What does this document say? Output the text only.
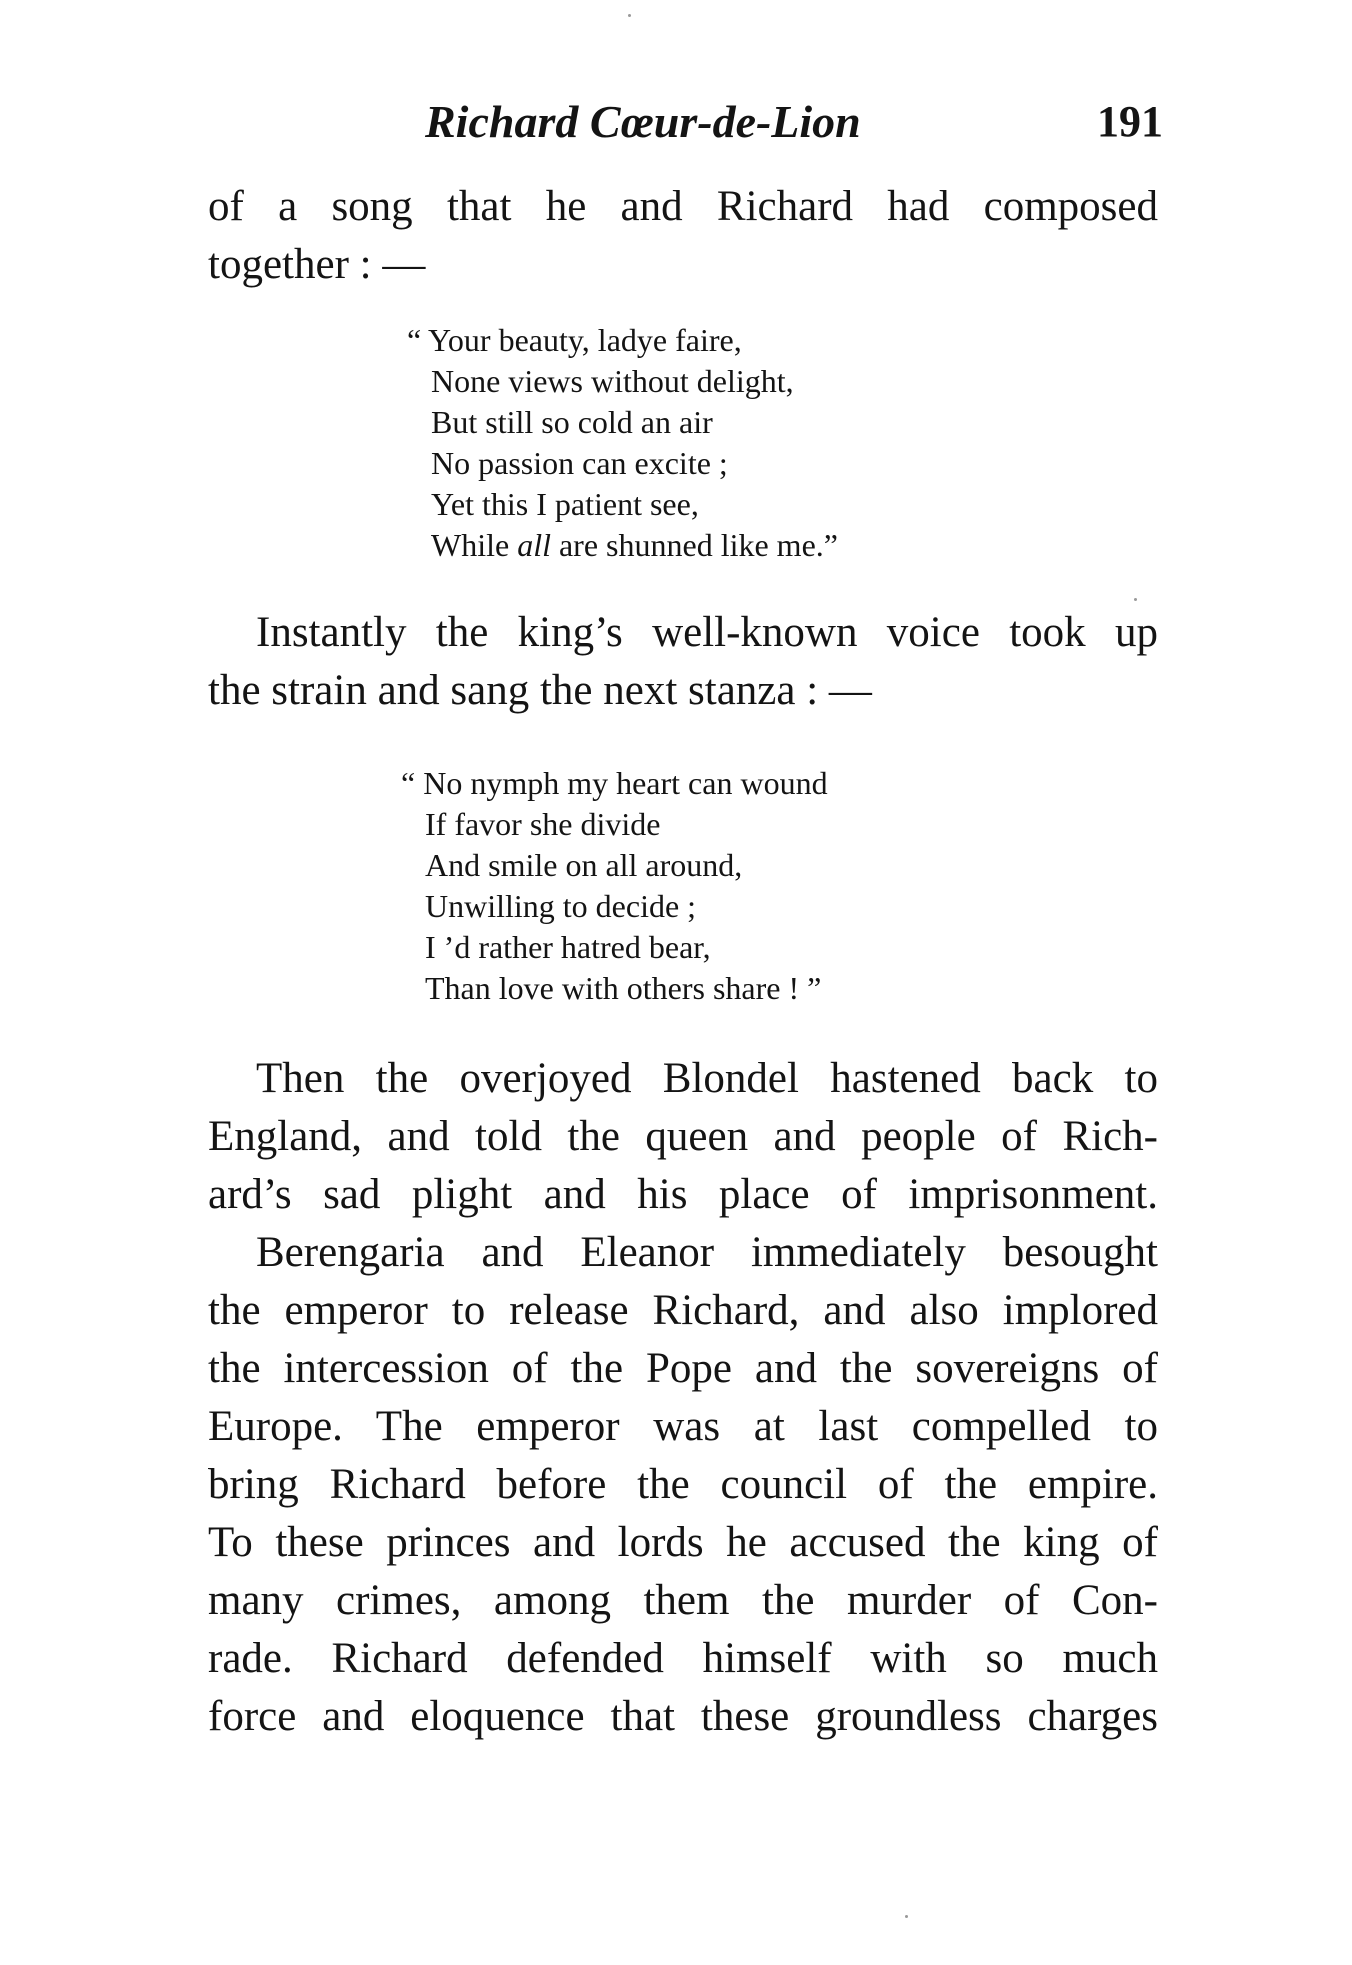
Richard Cœur-de-Lion	191
of a song that he and Richard had composed
together : —
“ Your beauty, ladye faire,
None views without delight,
But still so cold an air
No passion can excite ;
Yet this I patient see,
While all are shunned like me.”
Instantly the king’s well-known voice took up
the strain and sang the next stanza : —
“ No nymph my heart can wound
If favor she divide
And smile on all around,
Unwilling to decide ;
I ’d rather hatred bear,
Than love with others share ! ”
Then the overjoyed Blondel hastened back to
England, and told the queen and people of Rich-
ard’s sad plight and his place of imprisonment.
Berengaria and Eleanor immediately besought
the emperor to release Richard, and also implored
the intercession of the Pope and the sovereigns of
Europe. The emperor was at last compelled to
bring Richard before the council of the empire.
To these princes and lords he accused the king of
many crimes, among them the murder of Con-
rade. Richard defended himself with so much
force and eloquence that these groundless charges
